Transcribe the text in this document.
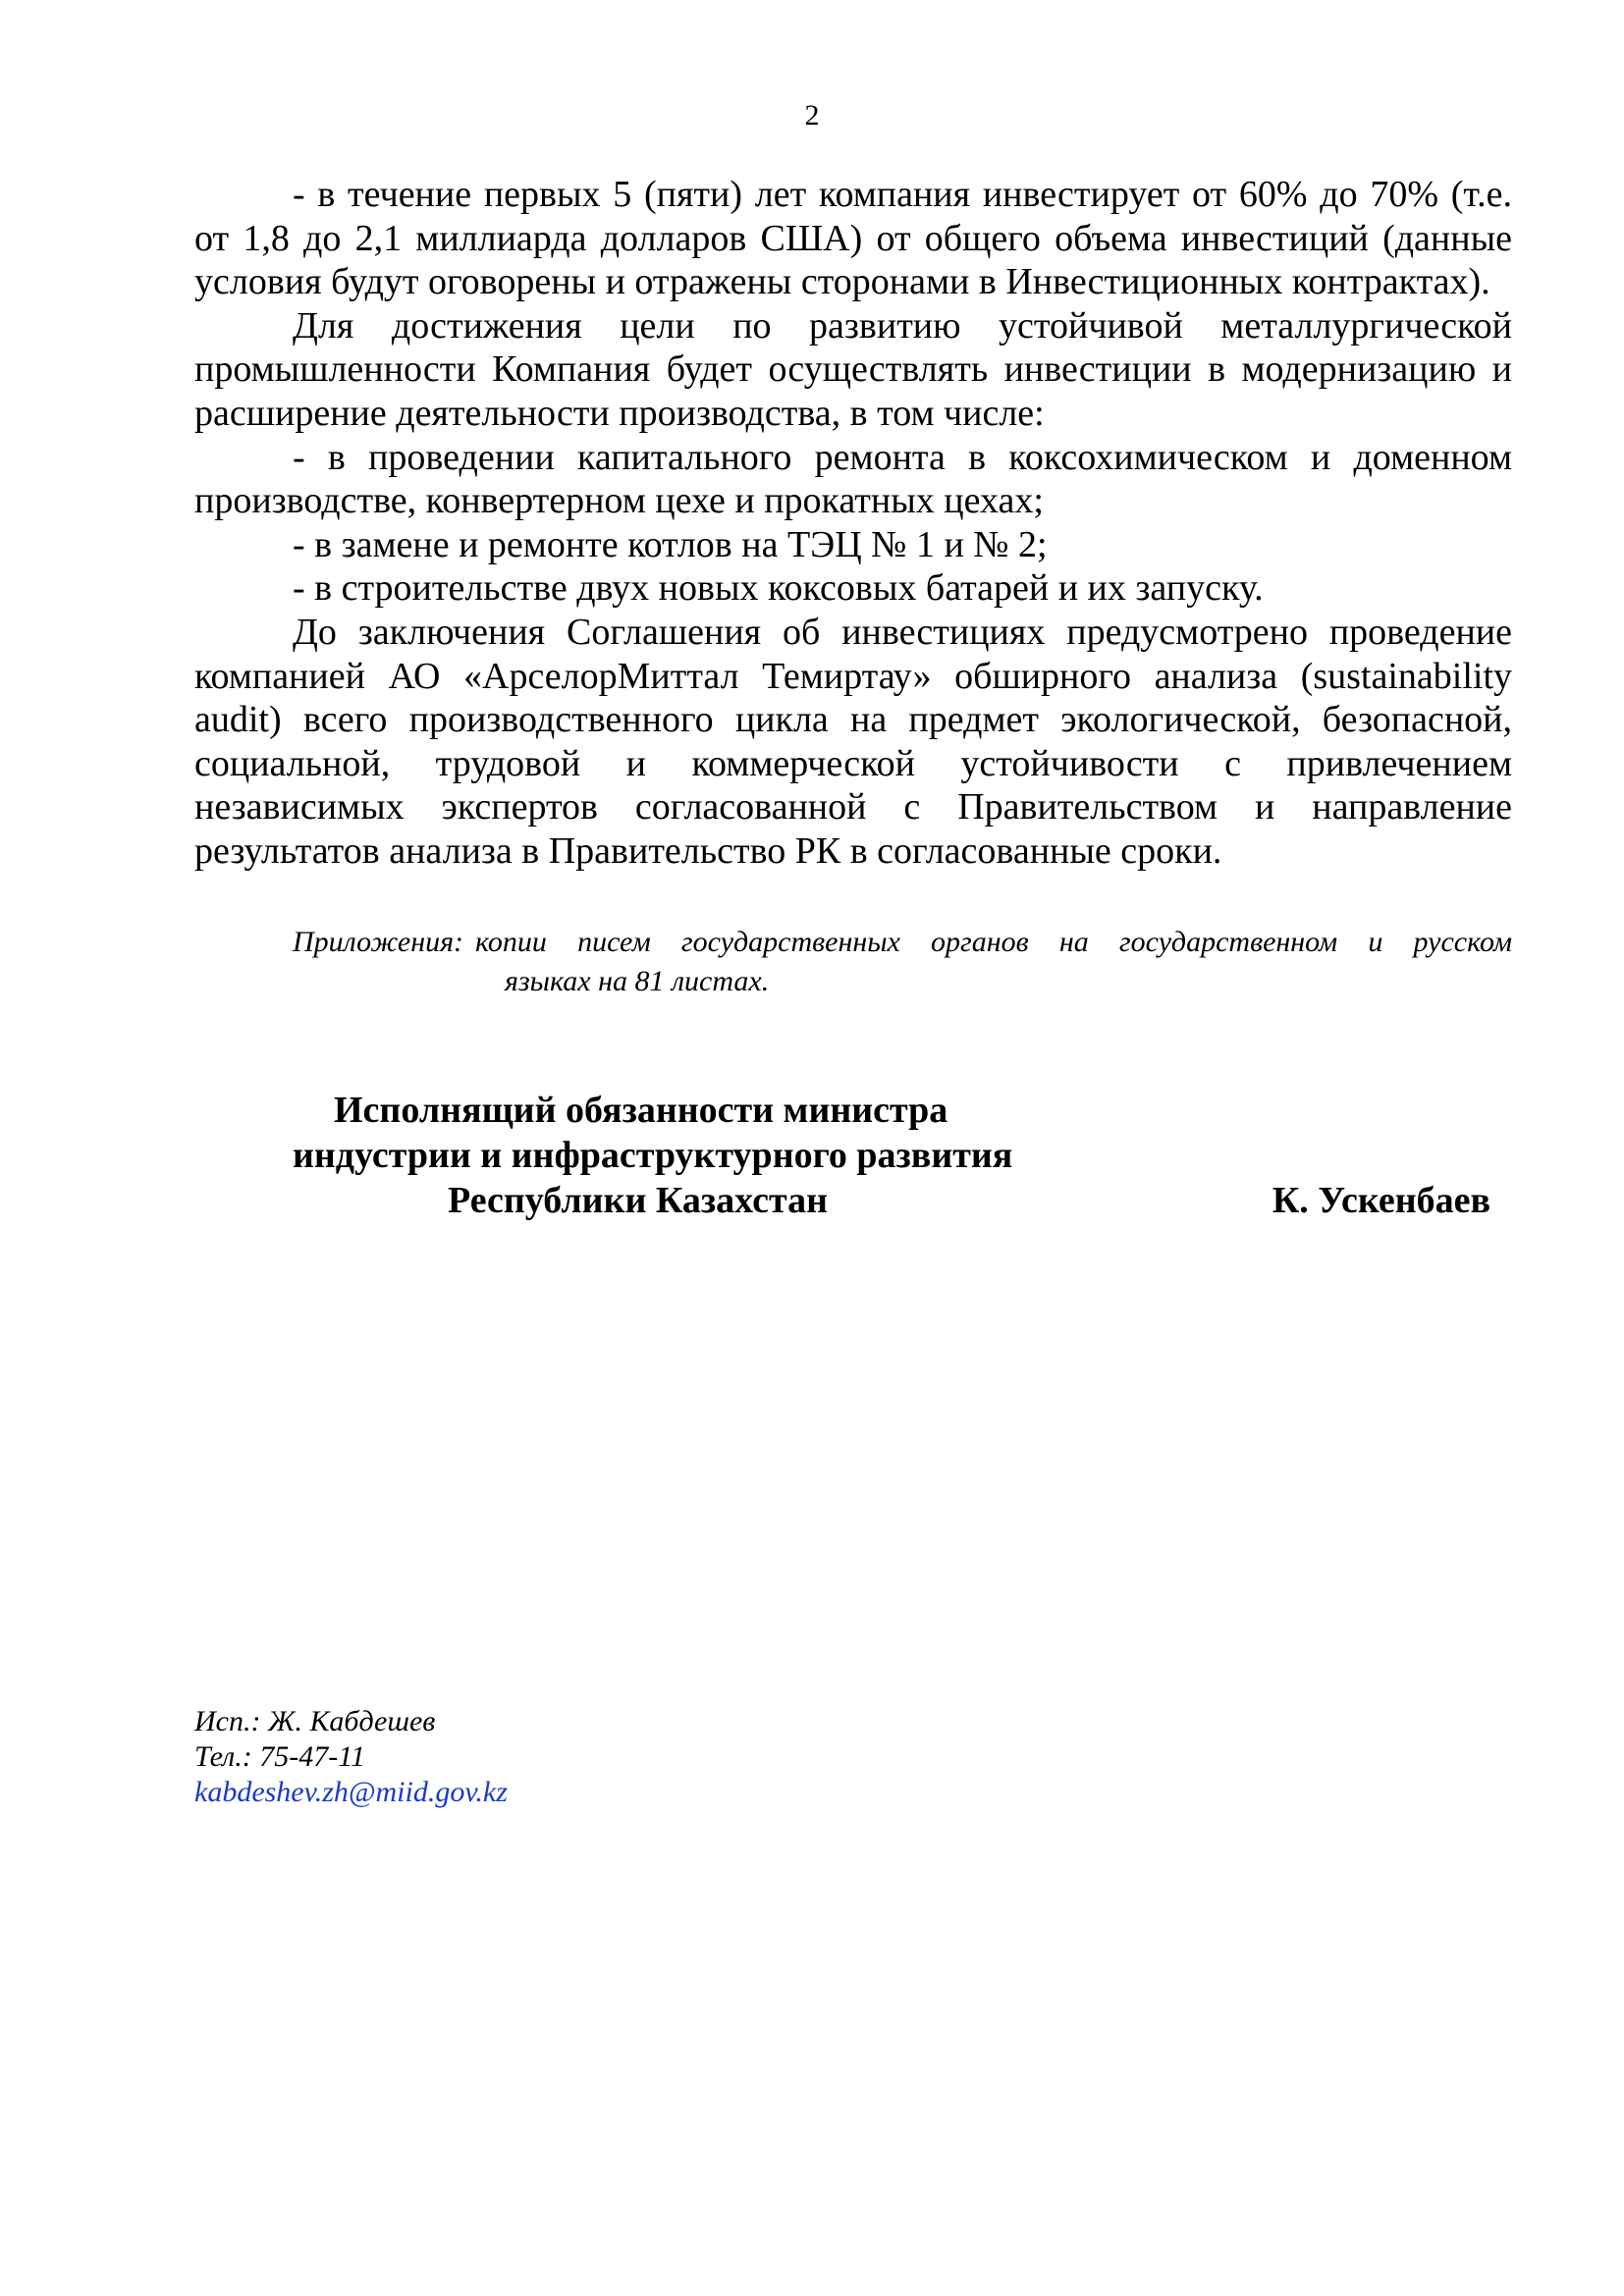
2

- в течение первых 5 (пяти) лет компания инвестирует от 60% до 70% (т.е. от 1,8 до 2,1 миллиарда долларов США) от общего объема инвестиций (данные условия будут оговорены и отражены сторонами в Инвестиционных контрактах).

Для достижения цели по развитию устойчивой металлургической промышленности Компания будет осуществлять инвестиции в модернизацию и расширение деятельности производства, в том числе:

- в проведении капитального ремонта в коксохимическом и доменном производстве, конвертерном цехе и прокатных цехах;

- в замене и ремонте котлов на ТЭЦ № 1 и № 2;

- в строительстве двух новых коксовых батарей и их запуску.

До заключения Соглашения об инвестициях предусмотрено проведение компанией АО «АрселорМиттал Темиртау» обширного анализа (sustainability audit) всего производственного цикла на предмет экологической, безопасной, социальной, трудовой и коммерческой устойчивости с привлечением независимых экспертов согласованной с Правительством и направление результатов анализа в Правительство РК в согласованные сроки.

Приложения: копии писем государственных органов на государственном и русском
языках на 81 листах.
Исполнящий обязанности министра
индустрии и инфраструктурного развития
Республики Казахстан	К. Ускенбаев
Исп.: Ж. Кабдешев
Тел.: 75-47-11
kabdeshev.zh@miid.gov.kz
